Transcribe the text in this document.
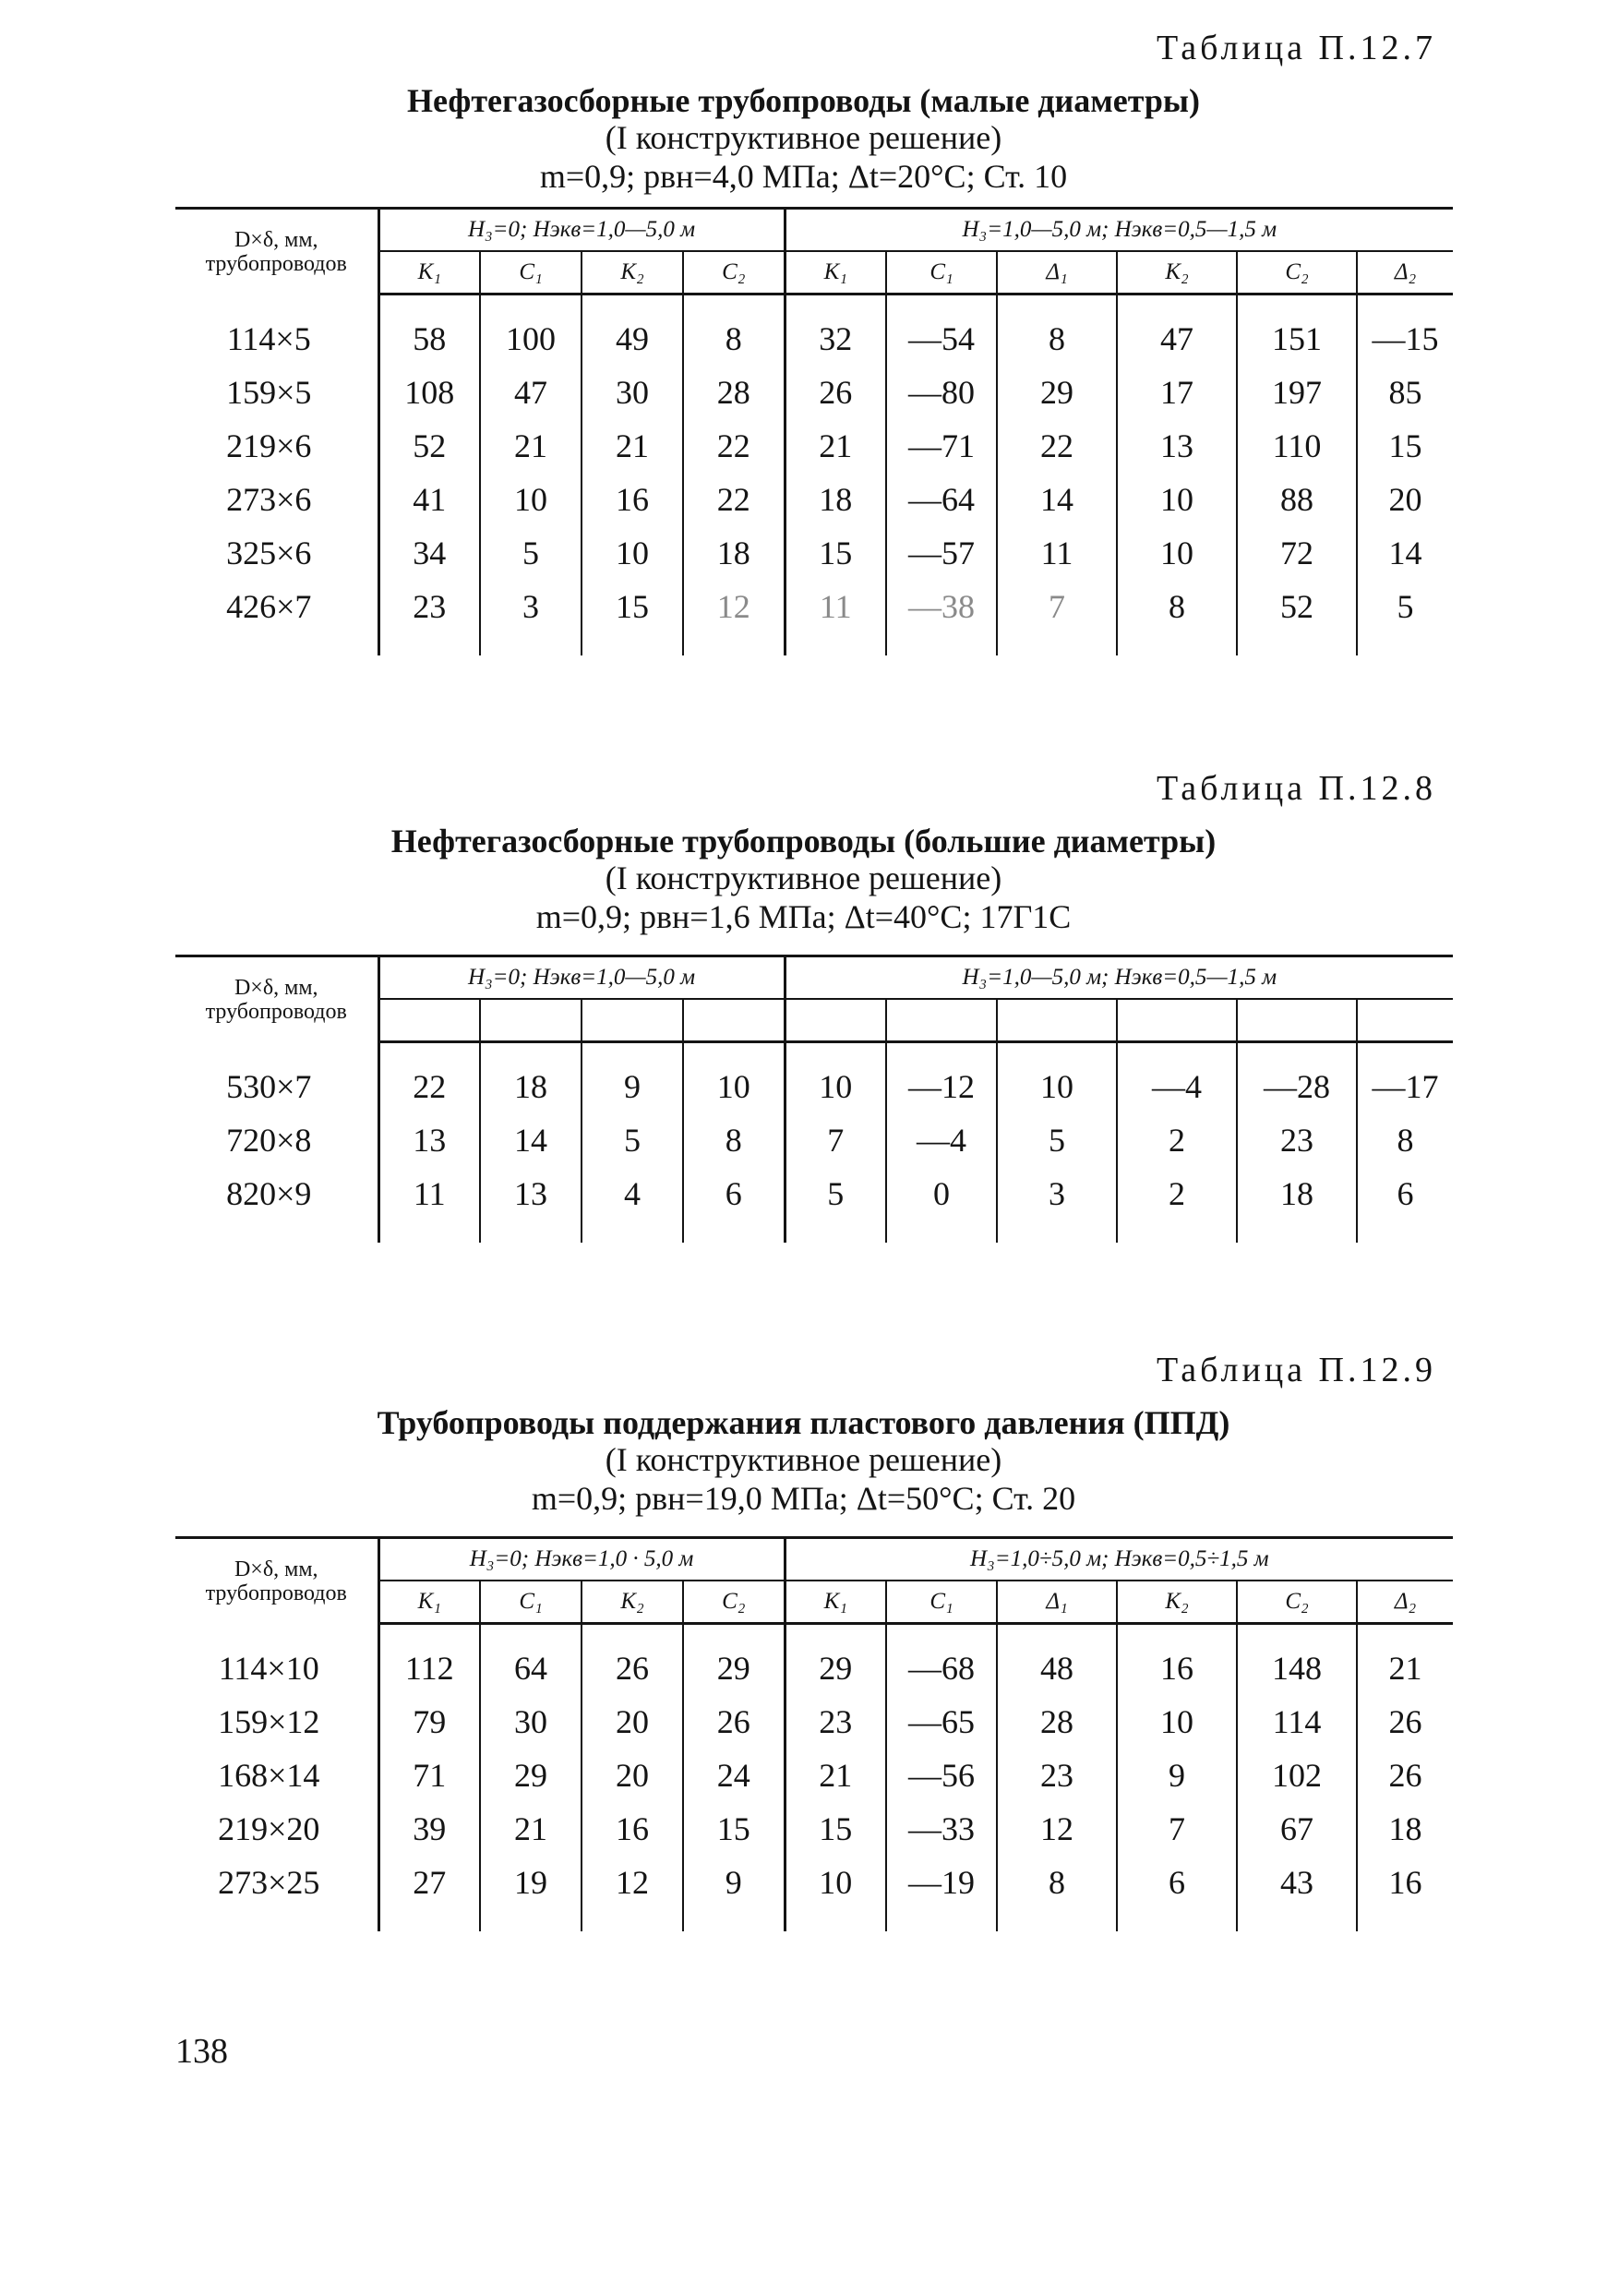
Таблица П.12.7
Нефтегазосборные трубопроводы (малые диаметры)
(I конструктивное решение)
m=0,9; pвн=4,0 МПа; Δt=20°C; Ст. 10
D×δ, мм, трубопроводов	H₃=0; Hэкв=1,0—5,0 м				H₃=1,0—5,0 м; Hэкв=0,5—1,5 м					
	K₁	C₁	K₂	C₂	K₁	C₁	Δ₁	K₂	C₂	Δ₂

114×5	58	100	49	8	32	—54	8	47	151	—15
159×5	108	47	30	28	26	—80	29	17	197	85
219×6	52	21	21	22	21	—71	22	13	110	15
273×6	41	10	16	22	18	—64	14	10	88	20
325×6	34	5	10	18	15	—57	11	10	72	14
426×7	23	3	15	12	11	—38	7	8	52	5

Таблица П.12.8
Нефтегазосборные трубопроводы (большие диаметры)
(I конструктивное решение)
m=0,9; pвн=1,6 МПа; Δt=40°C; 17Г1С
D×δ, мм, трубопроводов	H₃=0; Hэкв=1,0—5,0 м				H₃=1,0—5,0 м; Hэкв=0,5—1,5 м					

530×7	22	18	9	10	10	—12	10	—4	—28	—17
720×8	13	14	5	8	7	—4	5	2	23	8
820×9	11	13	4	6	5	0	3	2	18	6

Таблица П.12.9
Трубопроводы поддержания пластового давления (ППД)
(I конструктивное решение)
m=0,9; pвн=19,0 МПа; Δt=50°C; Ст. 20
D×δ, мм, трубопроводов	H₃=0; Hэкв=1,0 · 5,0 м				H₃=1,0÷5,0 м; Hэкв=0,5÷1,5 м					
	K₁	C₁	K₂	C₂	K₁	C₁	Δ₁	K₂	C₂	Δ₂

114×10	112	64	26	29	29	—68	48	16	148	21
159×12	79	30	20	26	23	—65	28	10	114	26
168×14	71	29	20	24	21	—56	23	9	102	26
219×20	39	21	16	15	15	—33	12	7	67	18
273×25	27	19	12	9	10	—19	8	6	43	16

138
